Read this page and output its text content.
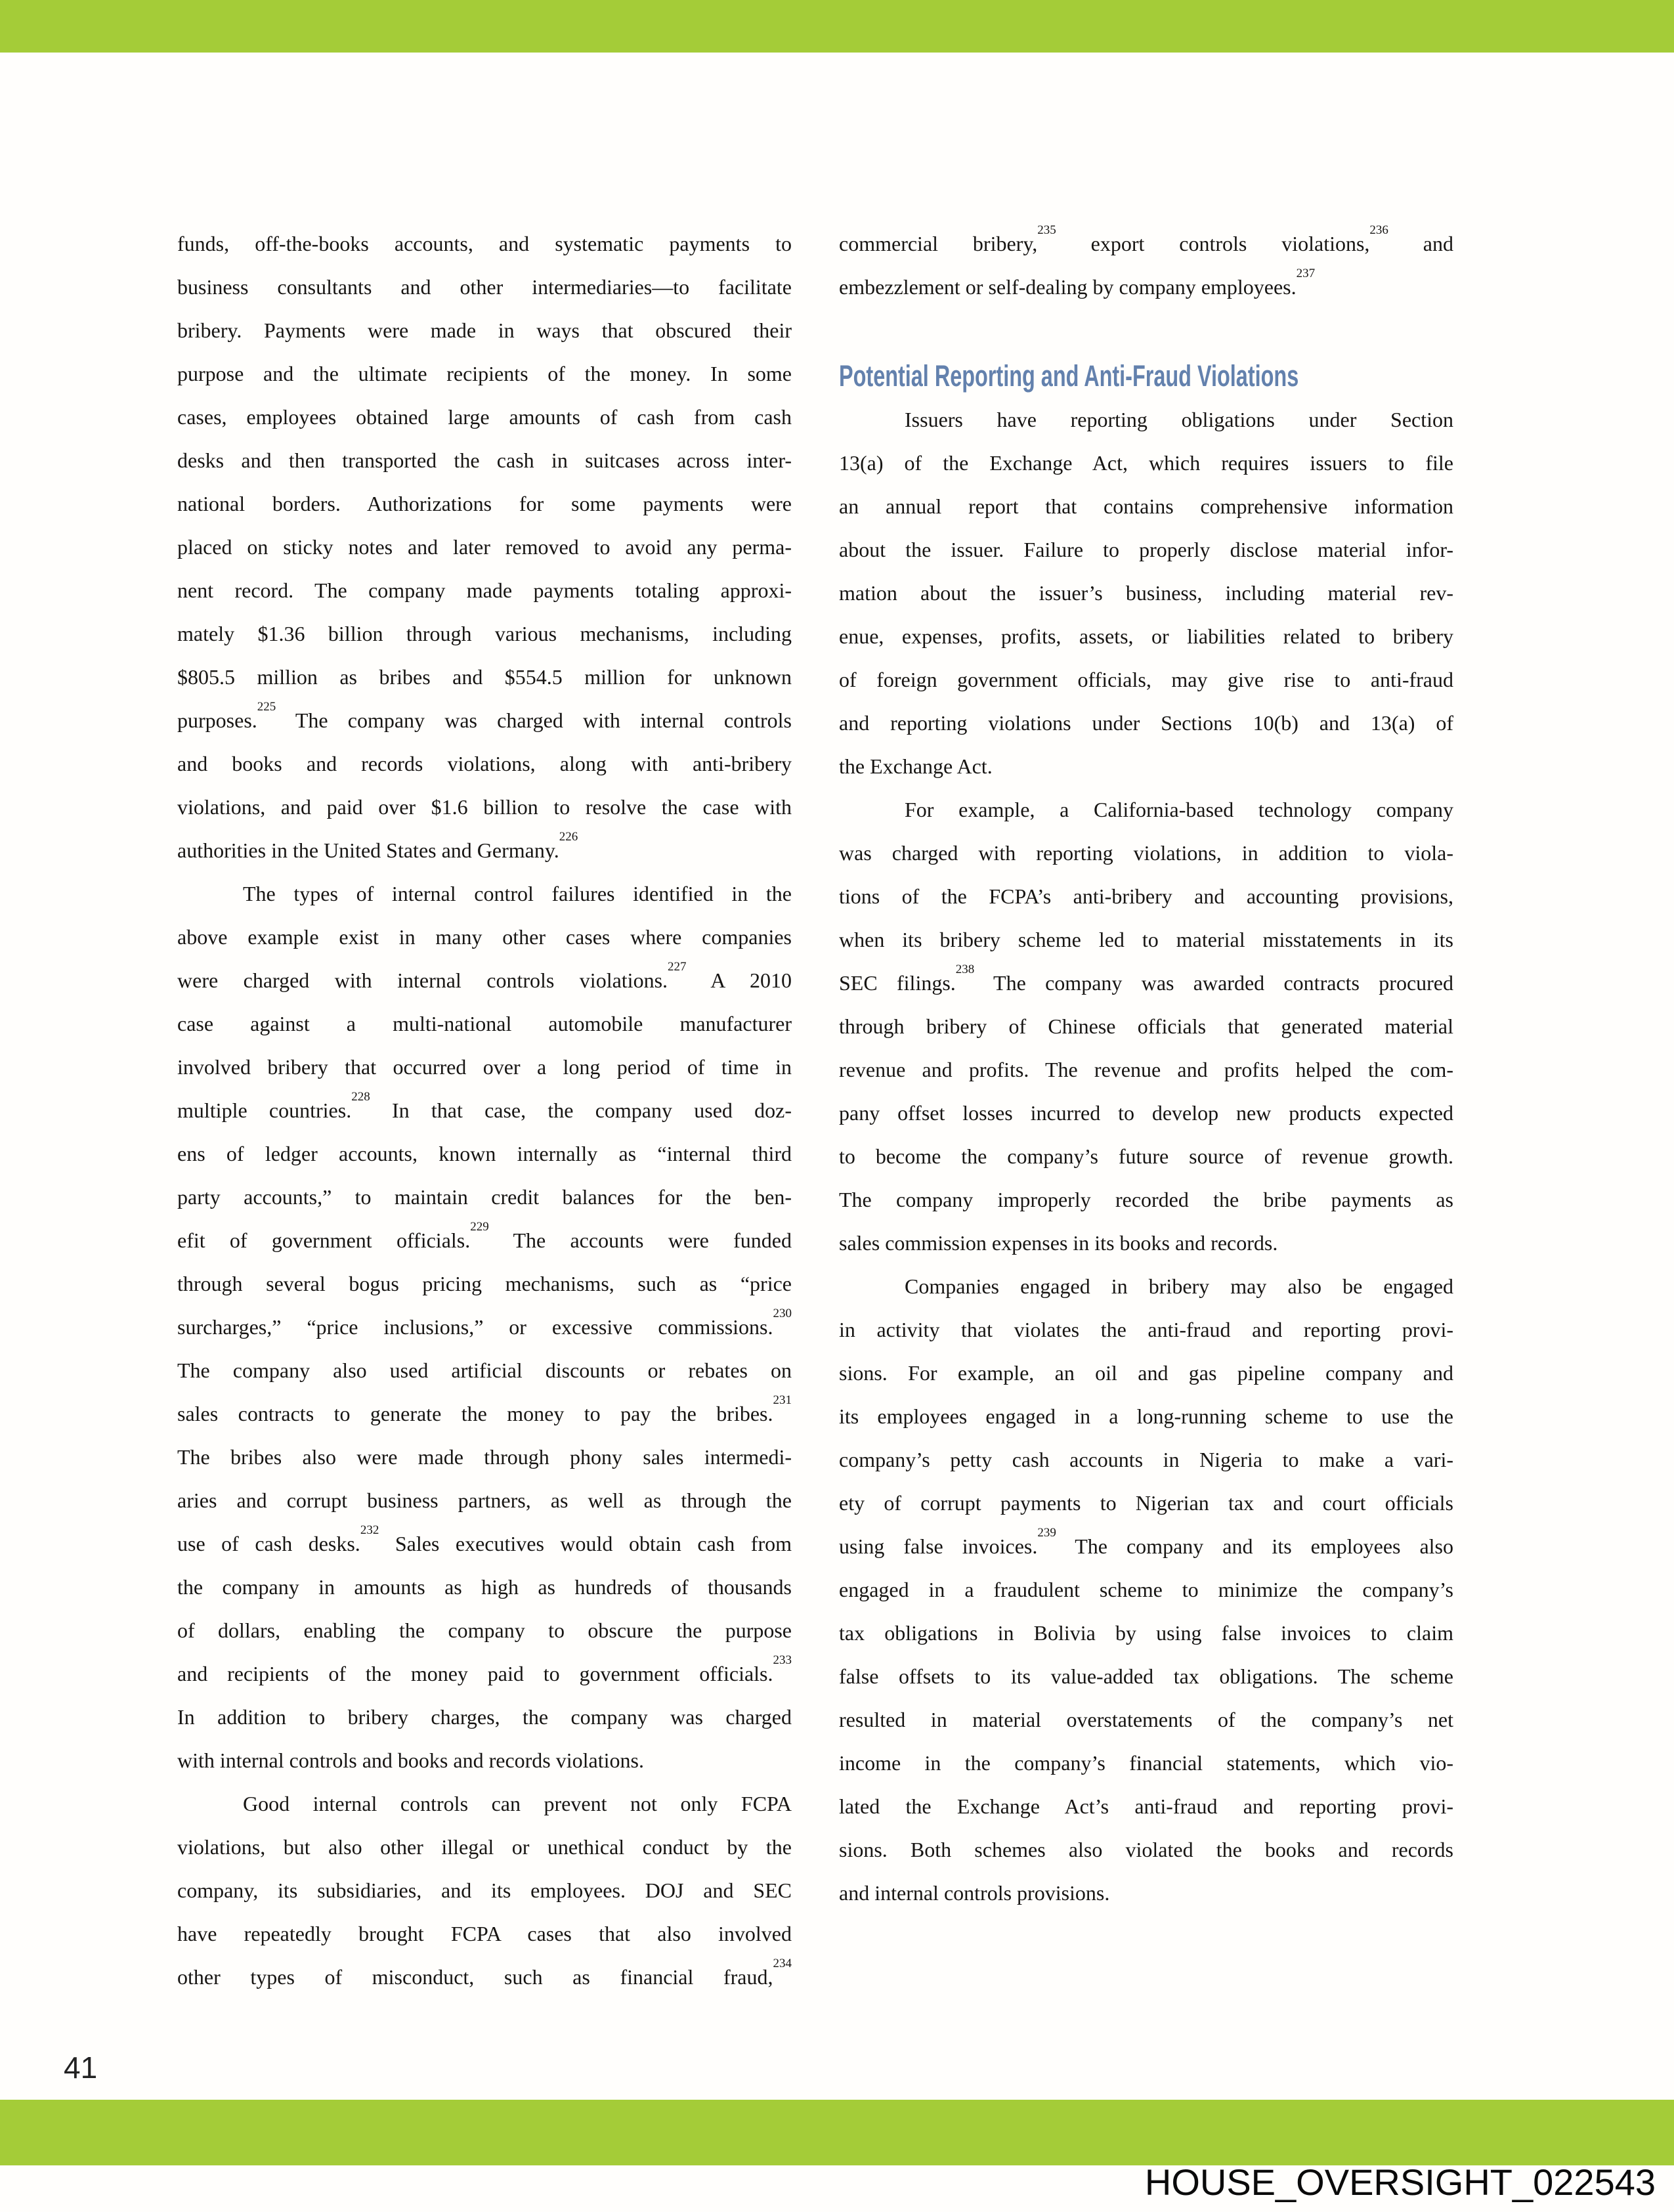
funds, off-the-books accounts, and systematic payments to
business consultants and other intermediaries—to facilitate
bribery. Payments were made in ways that obscured their
purpose and the ultimate recipients of the money. In some
cases, employees obtained large amounts of cash from cash
desks and then transported the cash in suitcases across inter-
national borders. Authorizations for some payments were
placed on sticky notes and later removed to avoid any perma-
nent record. The company made payments totaling approxi-
mately $1.36 billion through various mechanisms, including
$805.5 million as bribes and $554.5 million for unknown
purposes.$^{225}$ The company was charged with internal controls
and books and records violations, along with anti-bribery
violations, and paid over $1.6 billion to resolve the case with
authorities in the United States and Germany.$^{226}$
The types of internal control failures identified in the
above example exist in many other cases where companies
were charged with internal controls violations.$^{227}$ A 2010
case against a multi-national automobile manufacturer
involved bribery that occurred over a long period of time in
multiple countries.$^{228}$ In that case, the company used doz-
ens of ledger accounts, known internally as “internal third
party accounts,” to maintain credit balances for the ben-
efit of government officials.$^{229}$ The accounts were funded
through several bogus pricing mechanisms, such as “price
surcharges,” “price inclusions,” or excessive commissions.$^{230}$
The company also used artificial discounts or rebates on
sales contracts to generate the money to pay the bribes.$^{231}$
The bribes also were made through phony sales intermedi-
aries and corrupt business partners, as well as through the
use of cash desks.$^{232}$ Sales executives would obtain cash from
the company in amounts as high as hundreds of thousands
of dollars, enabling the company to obscure the purpose
and recipients of the money paid to government officials.$^{233}$
In addition to bribery charges, the company was charged
with internal controls and books and records violations.
Good internal controls can prevent not only FCPA
violations, but also other illegal or unethical conduct by the
company, its subsidiaries, and its employees. DOJ and SEC
have repeatedly brought FCPA cases that also involved
other types of misconduct, such as financial fraud,$^{234}$
commercial bribery,$^{235}$ export controls violations,$^{236}$ and
embezzlement or self-dealing by company employees.$^{237}$
Potential Reporting and Anti-Fraud Violations
Issuers have reporting obligations under Section
13(a) of the Exchange Act, which requires issuers to file
an annual report that contains comprehensive information
about the issuer. Failure to properly disclose material infor-
mation about the issuer’s business, including material rev-
enue, expenses, profits, assets, or liabilities related to bribery
of foreign government officials, may give rise to anti-fraud
and reporting violations under Sections 10(b) and 13(a) of
the Exchange Act.
For example, a California-based technology company
was charged with reporting violations, in addition to viola-
tions of the FCPA’s anti-bribery and accounting provisions,
when its bribery scheme led to material misstatements in its
SEC filings.$^{238}$ The company was awarded contracts procured
through bribery of Chinese officials that generated material
revenue and profits. The revenue and profits helped the com-
pany offset losses incurred to develop new products expected
to become the company’s future source of revenue growth.
The company improperly recorded the bribe payments as
sales commission expenses in its books and records.
Companies engaged in bribery may also be engaged
in activity that violates the anti-fraud and reporting provi-
sions. For example, an oil and gas pipeline company and
its employees engaged in a long-running scheme to use the
company’s petty cash accounts in Nigeria to make a vari-
ety of corrupt payments to Nigerian tax and court officials
using false invoices.$^{239}$ The company and its employees also
engaged in a fraudulent scheme to minimize the company’s
tax obligations in Bolivia by using false invoices to claim
false offsets to its value-added tax obligations. The scheme
resulted in material overstatements of the company’s net
income in the company’s financial statements, which vio-
lated the Exchange Act’s anti-fraud and reporting provi-
sions. Both schemes also violated the books and records
and internal controls provisions.
41
HOUSE_OVERSIGHT_022543
